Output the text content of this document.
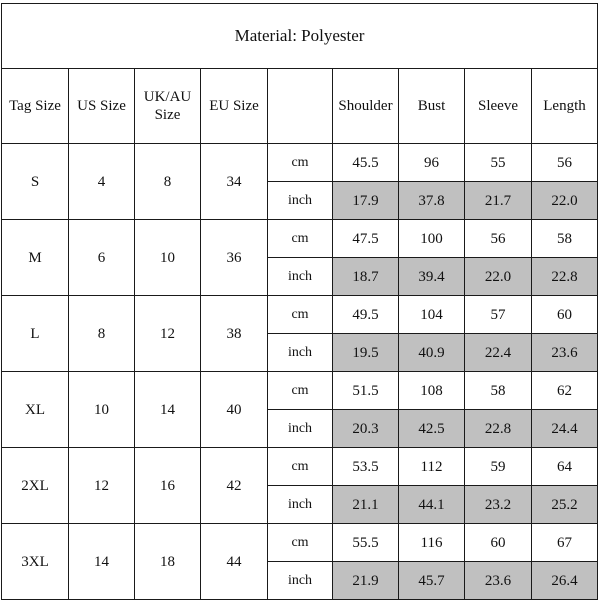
Material: Polyester								
Tag Size	US Size	UK/AU Size	EU Size		Shoulder	Bust	Sleeve	Length
S	4	8	34	cm	45.5	96	55	56
				inch	17.9	37.8	21.7	22.0
M	6	10	36	cm	47.5	100	56	58
				inch	18.7	39.4	22.0	22.8
L	8	12	38	cm	49.5	104	57	60
				inch	19.5	40.9	22.4	23.6
XL	10	14	40	cm	51.5	108	58	62
				inch	20.3	42.5	22.8	24.4
2XL	12	16	42	cm	53.5	112	59	64
				inch	21.1	44.1	23.2	25.2
3XL	14	18	44	cm	55.5	116	60	67
				inch	21.9	45.7	23.6	26.4
